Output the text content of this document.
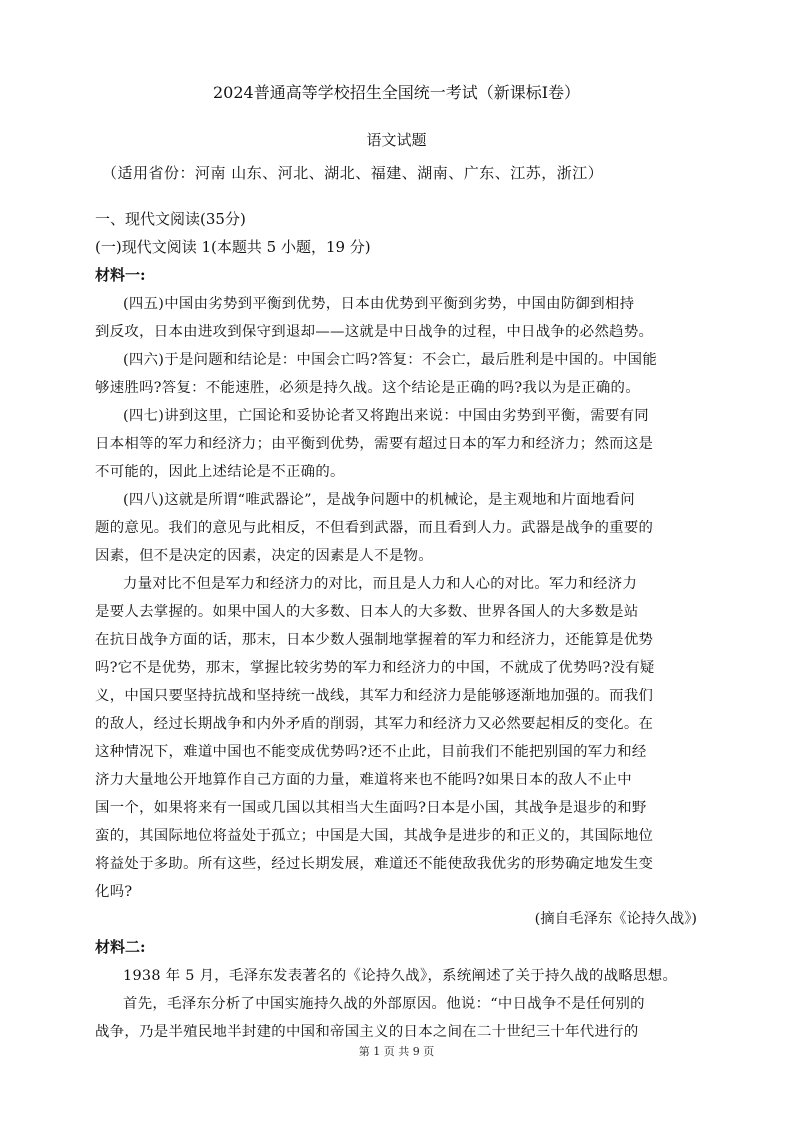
2024普通高等学校招生全国统一考试（新课标Ⅰ卷）
语文试题
（适用省份：河南 山东、河北、湖北、福建、湖南、广东、江苏，浙江）
一、现代文阅读(35分)
(一)现代文阅读 1(本题共 5 小题，19 分)
材料一:
(四五)中国由劣势到平衡到优势，日本由优势到平衡到劣势，中国由防御到相持
到反攻，日本由进攻到保守到退却——这就是中日战争的过程，中日战争的必然趋势。
(四六)于是问题和结论是：中国会亡吗?答复：不会亡，最后胜利是中国的。中国能
够速胜吗?答复：不能速胜，必须是持久战。这个结论是正确的吗?我以为是正确的。
(四七)讲到这里，亡国论和妥协论者又将跑出来说：中国由劣势到平衡，需要有同
日本相等的军力和经济力；由平衡到优势，需要有超过日本的军力和经济力；然而这是
不可能的，因此上述结论是不正确的。
(四八)这就是所谓“唯武器论”，是战争问题中的机械论，是主观地和片面地看问
题的意见。我们的意见与此相反，不但看到武器，而且看到人力。武器是战争的重要的
因素，但不是决定的因素，决定的因素是人不是物。
力量对比不但是军力和经济力的对比，而且是人力和人心的对比。军力和经济力
是要人去掌握的。如果中国人的大多数、日本人的大多数、世界各国人的大多数是站
在抗日战争方面的话，那末，日本少数人强制地掌握着的军力和经济力，还能算是优势
吗?它不是优势，那末，掌握比较劣势的军力和经济力的中国，不就成了优势吗?没有疑
义，中国只要坚持抗战和坚持统一战线，其军力和经济力是能够逐渐地加强的。而我们
的敌人，经过长期战争和内外矛盾的削弱，其军力和经济力又必然要起相反的变化。在
这种情况下，难道中国也不能变成优势吗?还不止此，目前我们不能把别国的军力和经
济力大量地公开地算作自己方面的力量，难道将来也不能吗?如果日本的敌人不止中
国一个，如果将来有一国或几国以其相当大生面吗?日本是小国，其战争是退步的和野
蛮的，其国际地位将益处于孤立；中国是大国，其战争是进步的和正义的，其国际地位
将益处于多助。所有这些，经过长期发展，难道还不能使敌我优劣的形势确定地发生变
化吗?
(摘自毛泽东《论持久战》)
材料二:
1938 年 5 月，毛泽东发表著名的《论持久战》，系统阐述了关于持久战的战略思想。
首先，毛泽东分析了中国实施持久战的外部原因。他说：“中日战争不是任何别的
战争，乃是半殖民地半封建的中国和帝国主义的日本之间在二十世纪三十年代进行的
第 1 页 共 9 页
